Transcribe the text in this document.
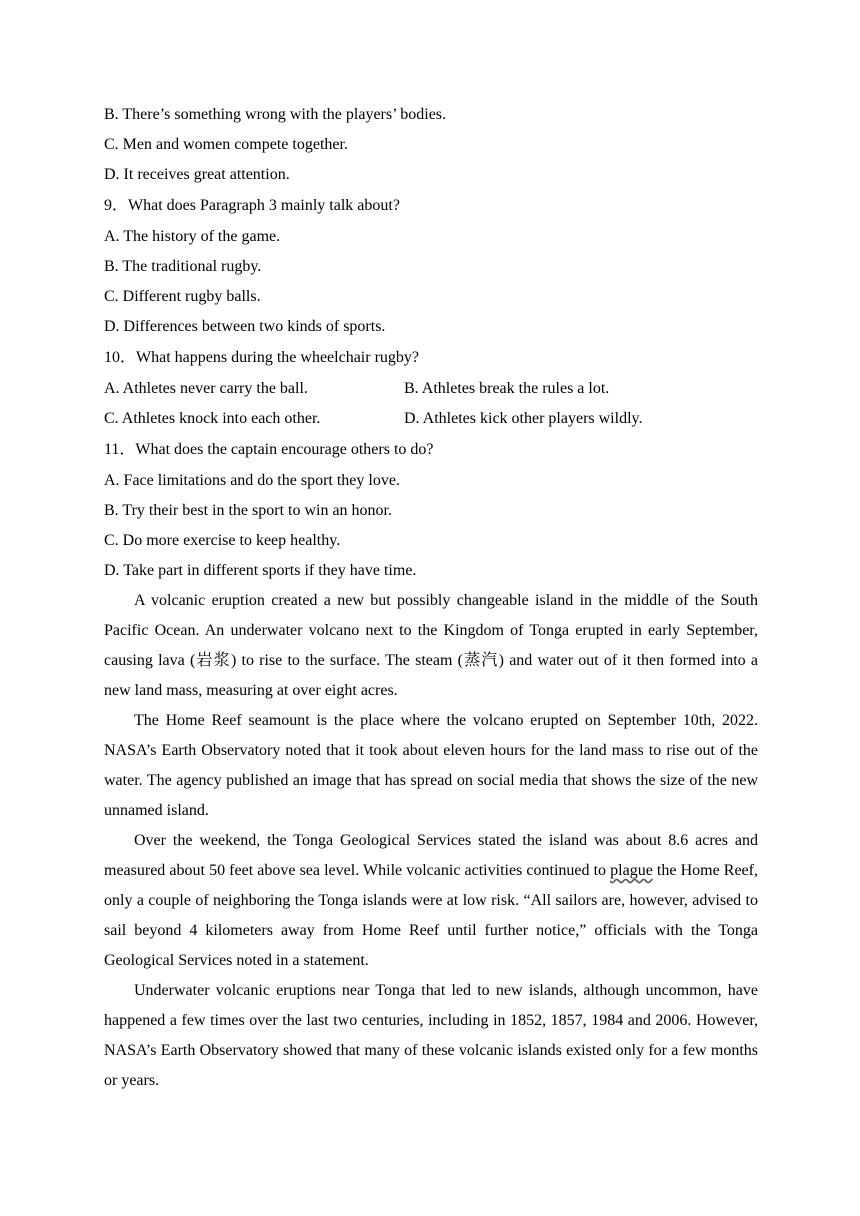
B. There’s something wrong with the players’ bodies.
C. Men and women compete together.
D. It receives great attention.
9．What does Paragraph 3 mainly talk about?
A. The history of the game.
B. The traditional rugby.
C. Different rugby balls.
D. Differences between two kinds of sports.
10．What happens during the wheelchair rugby?
A. Athletes never carry the ball.	B. Athletes break the rules a lot.
C. Athletes knock into each other.	D. Athletes kick other players wildly.
11．What does the captain encourage others to do?
A. Face limitations and do the sport they love.
B. Try their best in the sport to win an honor.
C. Do more exercise to keep healthy.
D. Take part in different sports if they have time.

A volcanic eruption created a new but possibly changeable island in the middle of the South Pacific Ocean. An underwater volcano next to the Kingdom of Tonga erupted in early September, causing lava (岩浆) to rise to the surface. The steam (蒸汽) and water out of it then formed into a new land mass, measuring at over eight acres.

The Home Reef seamount is the place where the volcano erupted on September 10th, 2022. NASA’s Earth Observatory noted that it took about eleven hours for the land mass to rise out of the water. The agency published an image that has spread on social media that shows the size of the new unnamed island.

Over the weekend, the Tonga Geological Services stated the island was about 8.6 acres and measured about 50 feet above sea level. While volcanic activities continued to plague the Home Reef, only a couple of neighboring the Tonga islands were at low risk. “All sailors are, however, advised to sail beyond 4 kilometers away from Home Reef until further notice,” officials with the Tonga Geological Services noted in a statement.

Underwater volcanic eruptions near Tonga that led to new islands, although uncommon, have happened a few times over the last two centuries, including in 1852, 1857, 1984 and 2006. However, NASA’s Earth Observatory showed that many of these volcanic islands existed only for a few months or years.
